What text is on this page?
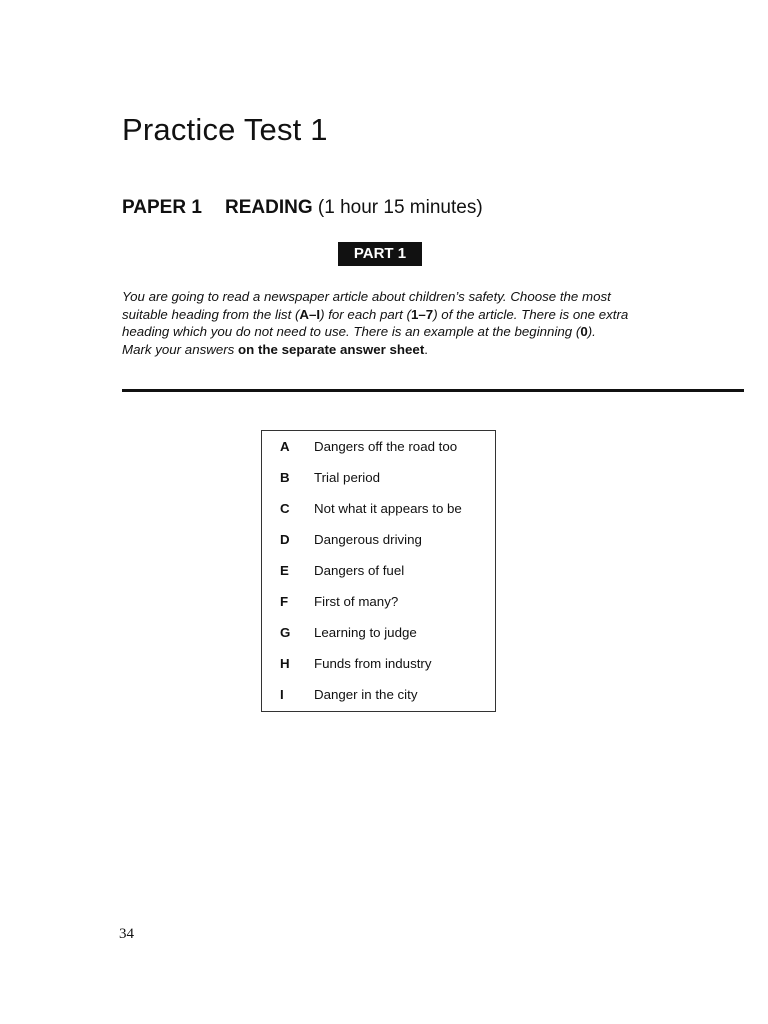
Practice Test 1
PAPER 1 READING (1 hour 15 minutes)
PART 1

You are going to read a newspaper article about children’s safety. Choose the most suitable heading from the list (A–I) for each part (1–7) of the article. There is one extra heading which you do not need to use. There is an example at the beginning (0).
Mark your answers on the separate answer sheet.

A Dangers off the road too
B Trial period
C Not what it appears to be
D Dangerous driving
E Dangers of fuel
F First of many?
G Learning to judge
H Funds from industry
I Danger in the city
34
